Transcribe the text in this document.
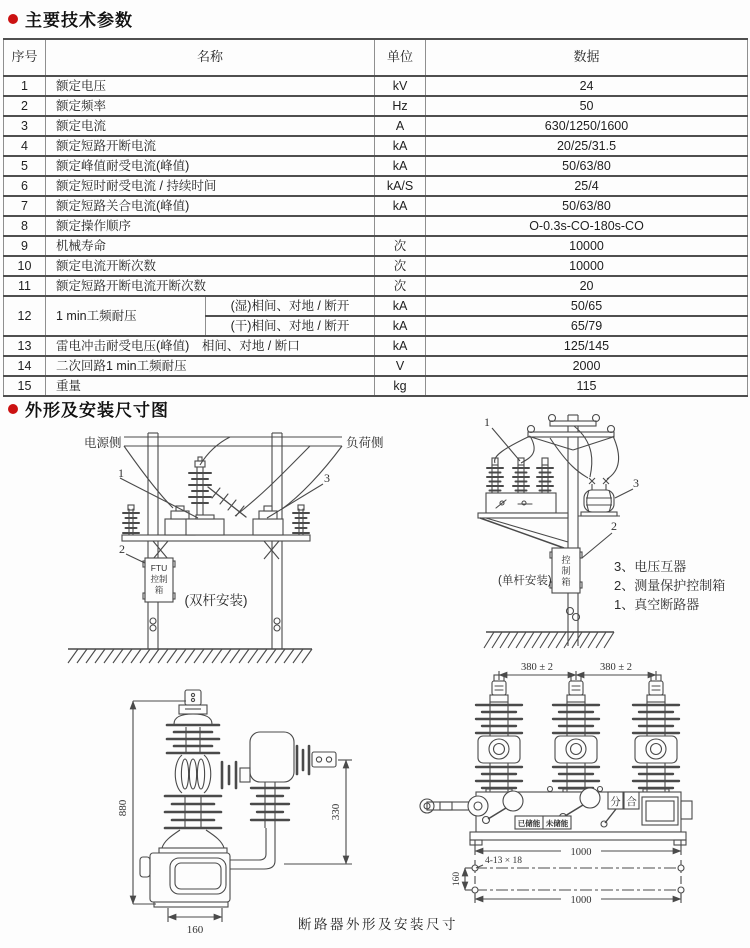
主要技术参数
序号	名称		单位	数据
1	额定电压		kV	24
2	额定频率		Hz	50
3	额定电流		A	630/1250/1600
4	额定短路开断电流		kA	20/25/31.5
5	额定峰值耐受电流(峰值)		kA	50/63/80
6	额定短时耐受电流 / 持续时间		kA/S	25/4
7	额定短路关合电流(峰值)		kA	50/63/80
8	额定操作顺序			O-0.3s-CO-180s-CO
9	机械寿命		次	10000
10	额定电流开断次数		次	10000
11	额定短路开断电流开断次数		次	20
12	1 min工频耐压	(湿)相间、对地 / 断开	kA	50/65
		(干)相间、对地 / 断开	kA	65/79
13	雷电冲击耐受电压(峰值)　相间、对地 / 断口		kA	125/145
14	二次回路1 min工频耐压		V	2000
15	重量		kg	115
外形及安装尺寸图
电源侧	负荷侧
1	3
2
FTU
控制
箱
(双杆安装)
1
3
2
控
制
箱
(单杆安装)
3、电压互器
2、测量保护控制箱
1、真空断路器
880	330
160
380 ± 2	380 ± 2
分 合
已储能 未储能
1000
4-13 × 18
160
1000
断路器外形及安装尺寸
